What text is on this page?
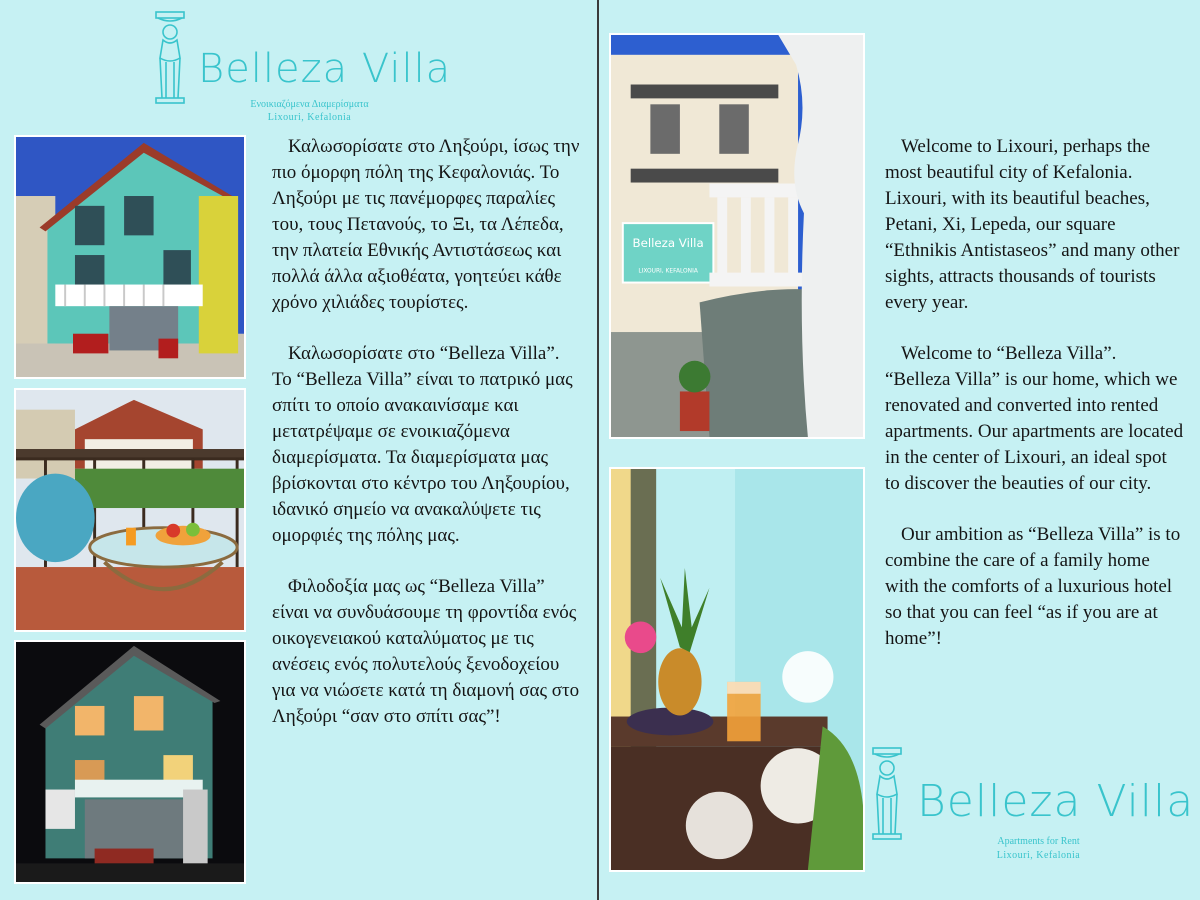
Belleza Villa
Ενοικιαζόμενα Διαμερίσματα
Lixouri, Kefalonia

Καλωσορίσατε στο Ληξούρι, ίσως την πιο όμορφη πόλη της Κεφαλονιάς. Το Ληξούρι με τις πανέμορφες παραλίες του, τους Πετανούς, το Ξι, τα Λέπεδα, την πλατεία Εθνικής Αντιστάσεως και πολλά άλλα αξιοθέατα, γοητεύει κάθε χρόνο χιλιάδες τουρίστες.

Καλωσορίσατε στο “Belleza Villa”. Το “Belleza Villa” είναι το πατρικό μας σπίτι το οποίο ανακαινίσαμε και μετατρέψαμε σε ενοικιαζόμενα διαμερίσματα. Τα διαμερίσματα μας βρίσκονται στο κέντρο του Ληξουρίου, ιδανικό σημείο να ανακαλύψετε τις ομορφιές της πόλης μας.

Φιλοδοξία μας ως “Belleza Villa” είναι να συνδυάσουμε τη φροντίδα ενός οικογενειακού καταλύματος με τις ανέσεις ενός πολυτελούς ξενοδοχείου για να νιώσετε κατά τη διαμονή σας στο Ληξούρι “σαν στο σπίτι σας”!

Belleza Villa
LIXOURI, KEFALONIA

Welcome to Lixouri, perhaps the most beautiful city of Kefalonia. Lixouri, with its beautiful beaches, Petani, Xi, Lepeda, our square “Ethnikis Antistaseos” and many other sights, attracts thousands of tourists every year.

Welcome to “Belleza Villa”. “Belleza Villa” is our home, which we renovated and converted into rented apartments. Our apartments are located in the center of Lixouri, an ideal spot to discover the beauties of our city.

Our ambition as “Belleza Villa” is to combine the care of a family home with the comforts of a luxurious hotel so that you can feel “as if you are at home”!

Belleza Villa
Apartments for Rent
Lixouri, Kefalonia
